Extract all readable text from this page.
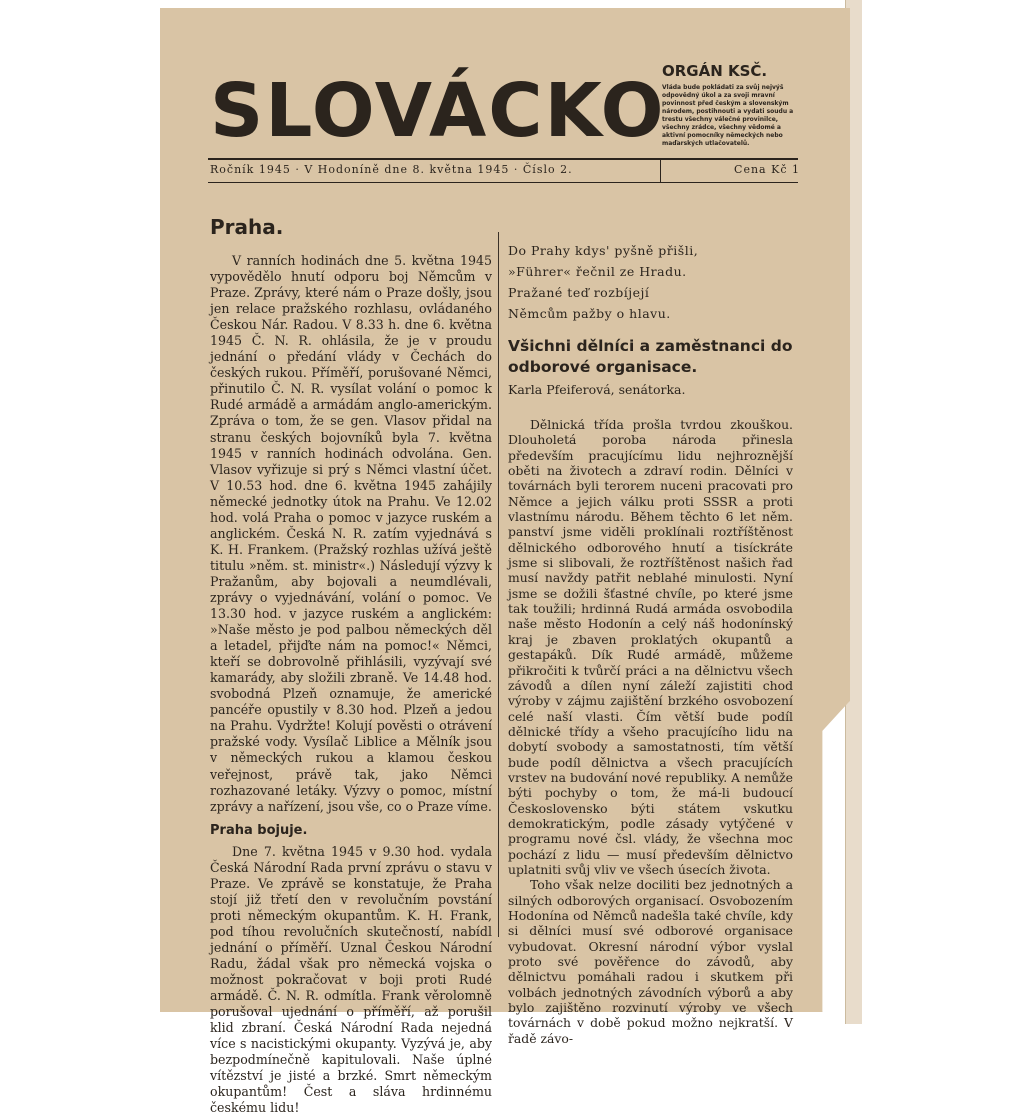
SLOVÁCKO
ORGÁN KSČ.
Vláda bude pokládati za svůj nejvýš odpovědný úkol a za svoji mravní povinnost před českým a slovenským národem, postihnouti a vydati soudu a trestu všechny válečné provinilce, všechny zrádce, všechny vědomé a aktivní pomocníky německých nebo maďarských utlačovatelů.
Ročník 1945 · V Hodoníně dne 8. května 1945 · Číslo 2.	Cena Kč 1
Praha.

V ranních hodinách dne 5. května 1945 vypovědělo hnutí odporu boj Němcům v Praze. Zprávy, které nám o Praze došly, jsou jen relace pražského rozhlasu, ovládaného Českou Nár. Radou. V 8.33 h. dne 6. května 1945 Č. N. R. ohlásila, že je v proudu jednání o předání vlády v Čechách do českých rukou. Příměří, porušované Němci, přinutilo Č. N. R. vysílat volání o pomoc k Rudé armádě a armádám anglo-americkým. Zpráva o tom, že se gen. Vlasov přidal na stranu českých bojovníků byla 7. května 1945 v ranních hodinách odvolána. Gen. Vlasov vyřizuje si prý s Němci vlastní účet. V 10.53 hod. dne 6. května 1945 zahájily německé jednotky útok na Prahu. Ve 12.02 hod. volá Praha o pomoc v jazyce ruském a anglickém. Česká N. R. zatím vyjednává s K. H. Frankem. (Pražský rozhlas užívá ještě titulu »něm. st. ministr«.) Následují výzvy k Pražanům, aby bojovali a neumdlévali, zprávy o vyjednávání, volání o pomoc. Ve 13.30 hod. v jazyce ruském a anglickém: »Naše město je pod palbou německých děl a letadel, přijďte nám na pomoc!« Němci, kteří se dobrovolně přihlásili, vyzývají své kamarády, aby složili zbraně. Ve 14.48 hod. svobodná Plzeň oznamuje, že americké pancéře opustily v 8.30 hod. Plzeň a jedou na Prahu. Vydržte! Kolují pověsti o otrávení pražské vody. Vysílač Liblice a Mělník jsou v německých rukou a klamou českou veřejnost, právě tak, jako Němci rozhazované letáky. Výzvy o pomoc, místní zprávy a nařízení, jsou vše, co o Praze víme.

Praha bojuje.

Dne 7. května 1945 v 9.30 hod. vydala Česká Národní Rada první zprávu o stavu v Praze. Ve zprávě se konstatuje, že Praha stojí již třetí den v revolučním povstání proti německým okupantům. K. H. Frank, pod tíhou revolučních skutečností, nabídl jednání o příměří. Uznal Českou Národní Radu, žádal však pro německá vojska o možnost pokračovat v boji proti Rudé armádě. Č. N. R. odmítla. Frank věrolomně porušoval ujednání o příměří, až porušil klid zbraní. Česká Národní Rada nejedná více s nacistickými okupanty. Vyzývá je, aby bezpodmínečně kapitulovali. Naše úplné vítězství je jisté a brzké. Smrt německým okupantům! Čest a sláva hrdinnému českému lidu!

Do Prahy kdys' pyšně přišli,
»Führer« řečnil ze Hradu.
Pražané teď rozbíjejí
Němcům pažby o hlavu.
Všichni dělníci a zaměstnanci do odborové organisace.

Karla Pfeiferová, senátorka.

Dělnická třída prošla tvrdou zkouškou. Dlouholetá poroba národa přinesla především pracujícímu lidu nejhroznější oběti na životech a zdraví rodin. Dělníci v továrnách byli terorem nuceni pracovati pro Němce a jejich válku proti SSSR a proti vlastnímu národu. Během těchto 6 let něm. panství jsme viděli proklínali roztříštěnost dělnického odborového hnutí a tisíckráte jsme si slibovali, že roztříštěnost našich řad musí navždy patřit neblahé minulosti. Nyní jsme se dožili šťastné chvíle, po které jsme tak toužili; hrdinná Rudá armáda osvobodila naše město Hodonín a celý náš hodonínský kraj je zbaven proklatých okupantů a gestapáků. Dík Rudé armádě, můžeme přikročiti k tvůrčí práci a na dělnictvu všech závodů a dílen nyní záleží zajistiti chod výroby v zájmu zajištění brzkého osvobození celé naší vlasti. Čím větší bude podíl dělnické třídy a všeho pracujícího lidu na dobytí svobody a samostatnosti, tím větší bude podíl dělnictva a všech pracujících vrstev na budování nové republiky. A nemůže býti pochyby o tom, že má-li budoucí Československo býti státem vskutku demokratickým, podle zásady vytýčené v programu nové čsl. vlády, že všechna moc pochází z lidu — musí především dělnictvo uplatniti svůj vliv ve všech úsecích života.

Toho však nelze dociliti bez jednotných a silných odborových organisací. Osvobozením Hodonína od Němců nadešla také chvíle, kdy si dělníci musí své odborové organisace vybudovat. Okresní národní výbor vyslal proto své pověřence do závodů, aby dělnictvu pomáhali radou i skutkem při volbách jednotných závodních výborů a aby bylo zajištěno rozvinutí výroby ve všech továrnách v době pokud možno nejkratší. V řadě závo-
